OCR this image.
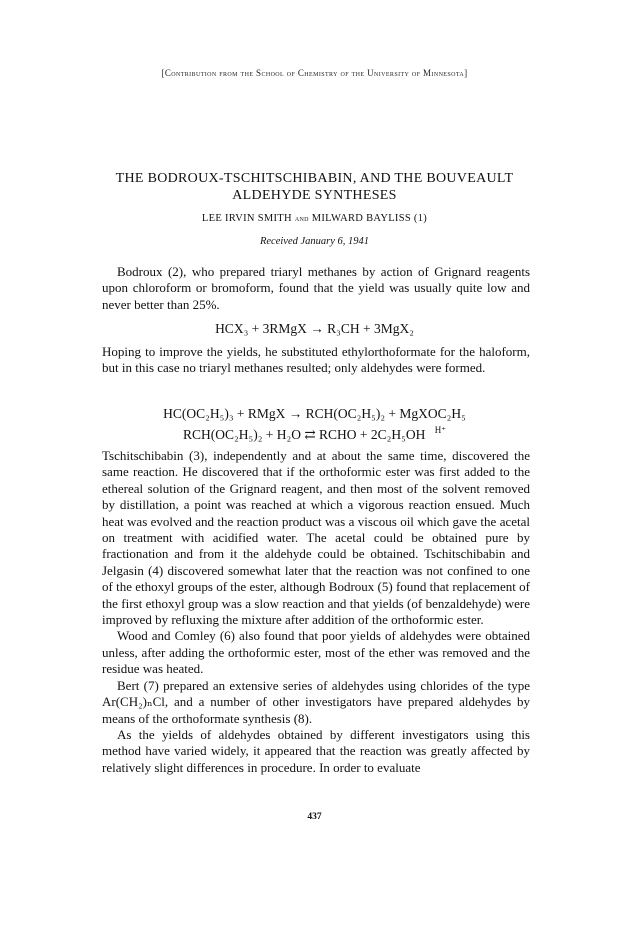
[Contribution from the School of Chemistry of the University of Minnesota]
THE BODROUX-TSCHITSCHIBABIN, AND THE BOUVEAULT
ALDEHYDE SYNTHESES
LEE IRVIN SMITH and MILWARD BAYLISS (1)
Received January 6, 1941

Bodroux (2), who prepared triaryl methanes by action of Grignard reagents upon chloroform or bromoform, found that the yield was usually quite low and never better than 25%.

HCX₃ + 3RMgX → R₃CH + 3MgX₂

Hoping to improve the yields, he substituted ethylorthoformate for the haloform, but in this case no triaryl methanes resulted; only aldehydes were formed.

HC(OC₂H₅)₃ + RMgX → RCH(OC₂H₅)₂ + MgXOC₂H₅
RCH(OC₂H₅)₂ + H₂O ⇄ RCHO + 2C₂H₅OH H⁺

Tschitschibabin (3), independently and at about the same time, discovered the same reaction. He discovered that if the orthoformic ester was first added to the ethereal solution of the Grignard reagent, and then most of the solvent removed by distillation, a point was reached at which a vigorous reaction ensued. Much heat was evolved and the reaction product was a viscous oil which gave the acetal on treatment with acidified water. The acetal could be obtained pure by fractionation and from it the aldehyde could be obtained. Tschitschibabin and Jelgasin (4) discovered somewhat later that the reaction was not confined to one of the ethoxyl groups of the ester, although Bodroux (5) found that replacement of the first ethoxyl group was a slow reaction and that yields (of benzaldehyde) were improved by refluxing the mixture after addition of the orthoformic ester.

Wood and Comley (6) also found that poor yields of aldehydes were obtained unless, after adding the orthoformic ester, most of the ether was removed and the residue was heated.

Bert (7) prepared an extensive series of aldehydes using chlorides of the type Ar(CH₂)ₙCl, and a number of other investigators have prepared aldehydes by means of the orthoformate synthesis (8).

As the yields of aldehydes obtained by different investigators using this method have varied widely, it appeared that the reaction was greatly affected by relatively slight differences in procedure. In order to evaluate

437
